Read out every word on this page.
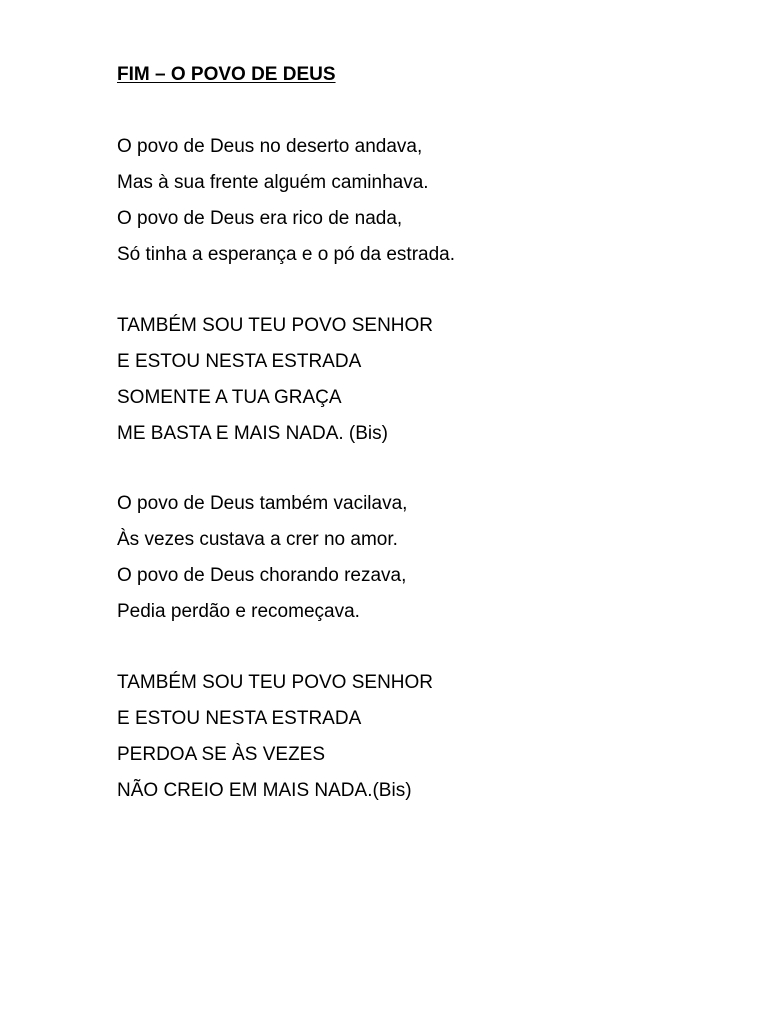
FIM – O POVO DE DEUS
O povo de Deus no deserto andava,
Mas à sua frente alguém caminhava.
O povo de Deus era rico de nada,
Só tinha a esperança e o pó da estrada.
TAMBÉM SOU TEU POVO SENHOR
E ESTOU NESTA ESTRADA
SOMENTE A TUA GRAÇA
ME BASTA E MAIS NADA. (Bis)
O povo de Deus também vacilava,
Às vezes custava a crer no amor.
O povo de Deus chorando rezava,
Pedia perdão e recomeçava.
TAMBÉM SOU TEU POVO SENHOR
E ESTOU NESTA ESTRADA
PERDOA SE ÀS VEZES
NÃO CREIO EM MAIS NADA.(Bis)
